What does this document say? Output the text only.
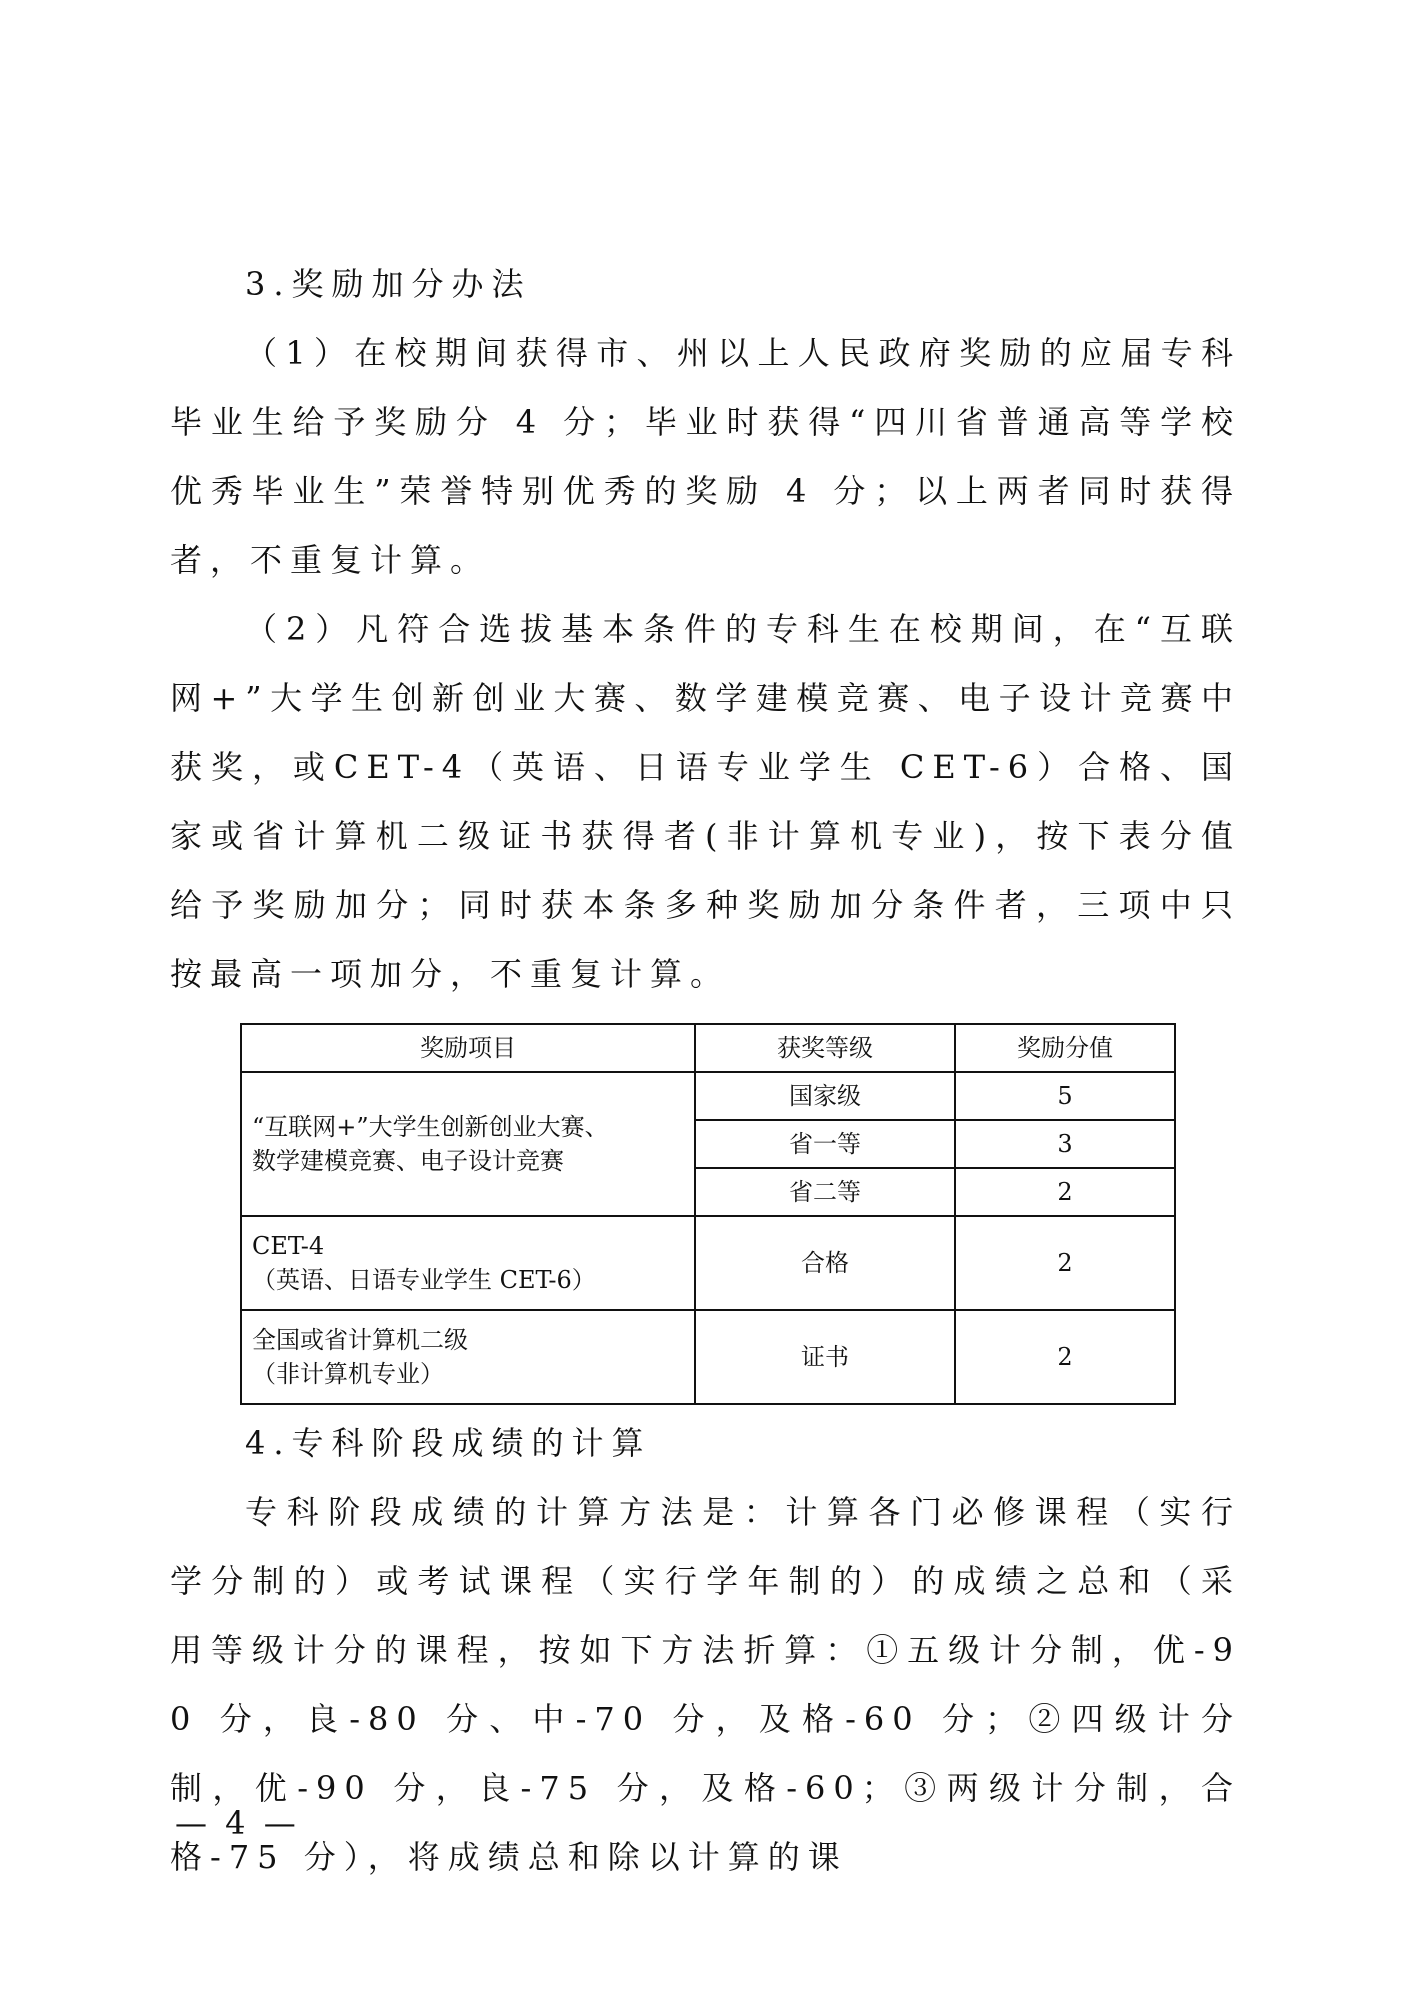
3.奖励加分办法

（1）在校期间获得市、州以上人民政府奖励的应届专科毕业生给予奖励分 4 分；毕业时获得“四川省普通高等学校优秀毕业生”荣誉特别优秀的奖励 4 分；以上两者同时获得者，不重复计算。

（2）凡符合选拔基本条件的专科生在校期间，在“互联网+”大学生创新创业大赛、数学建模竞赛、电子设计竞赛中获奖，或CET-4（英语、日语专业学生 CET-6）合格、国家或省计算机二级证书获得者(非计算机专业)，按下表分值给予奖励加分；同时获本条多种奖励加分条件者，三项中只按最高一项加分，不重复计算。

奖励项目	获奖等级	奖励分值

“互联网+”大学生创新创业大赛、
数学建模竞赛、电子设计竞赛	国家级	5
	省一等	3
	省二等	2

CET-4
（英语、日语专业学生 CET-6）	合格	2

全国或省计算机二级
（非计算机专业）	证书	2

4.专科阶段成绩的计算

专科阶段成绩的计算方法是：计算各门必修课程（实行学分制的）或考试课程（实行学年制的）的成绩之总和（采用等级计分的课程，按如下方法折算：①五级计分制，优-90 分，良-80 分、中-70 分，及格-60 分；②四级计分制，优-90 分，良-75 分，及格-60；③两级计分制，合格-75 分），将成绩总和除以计算的课

— 4 —
